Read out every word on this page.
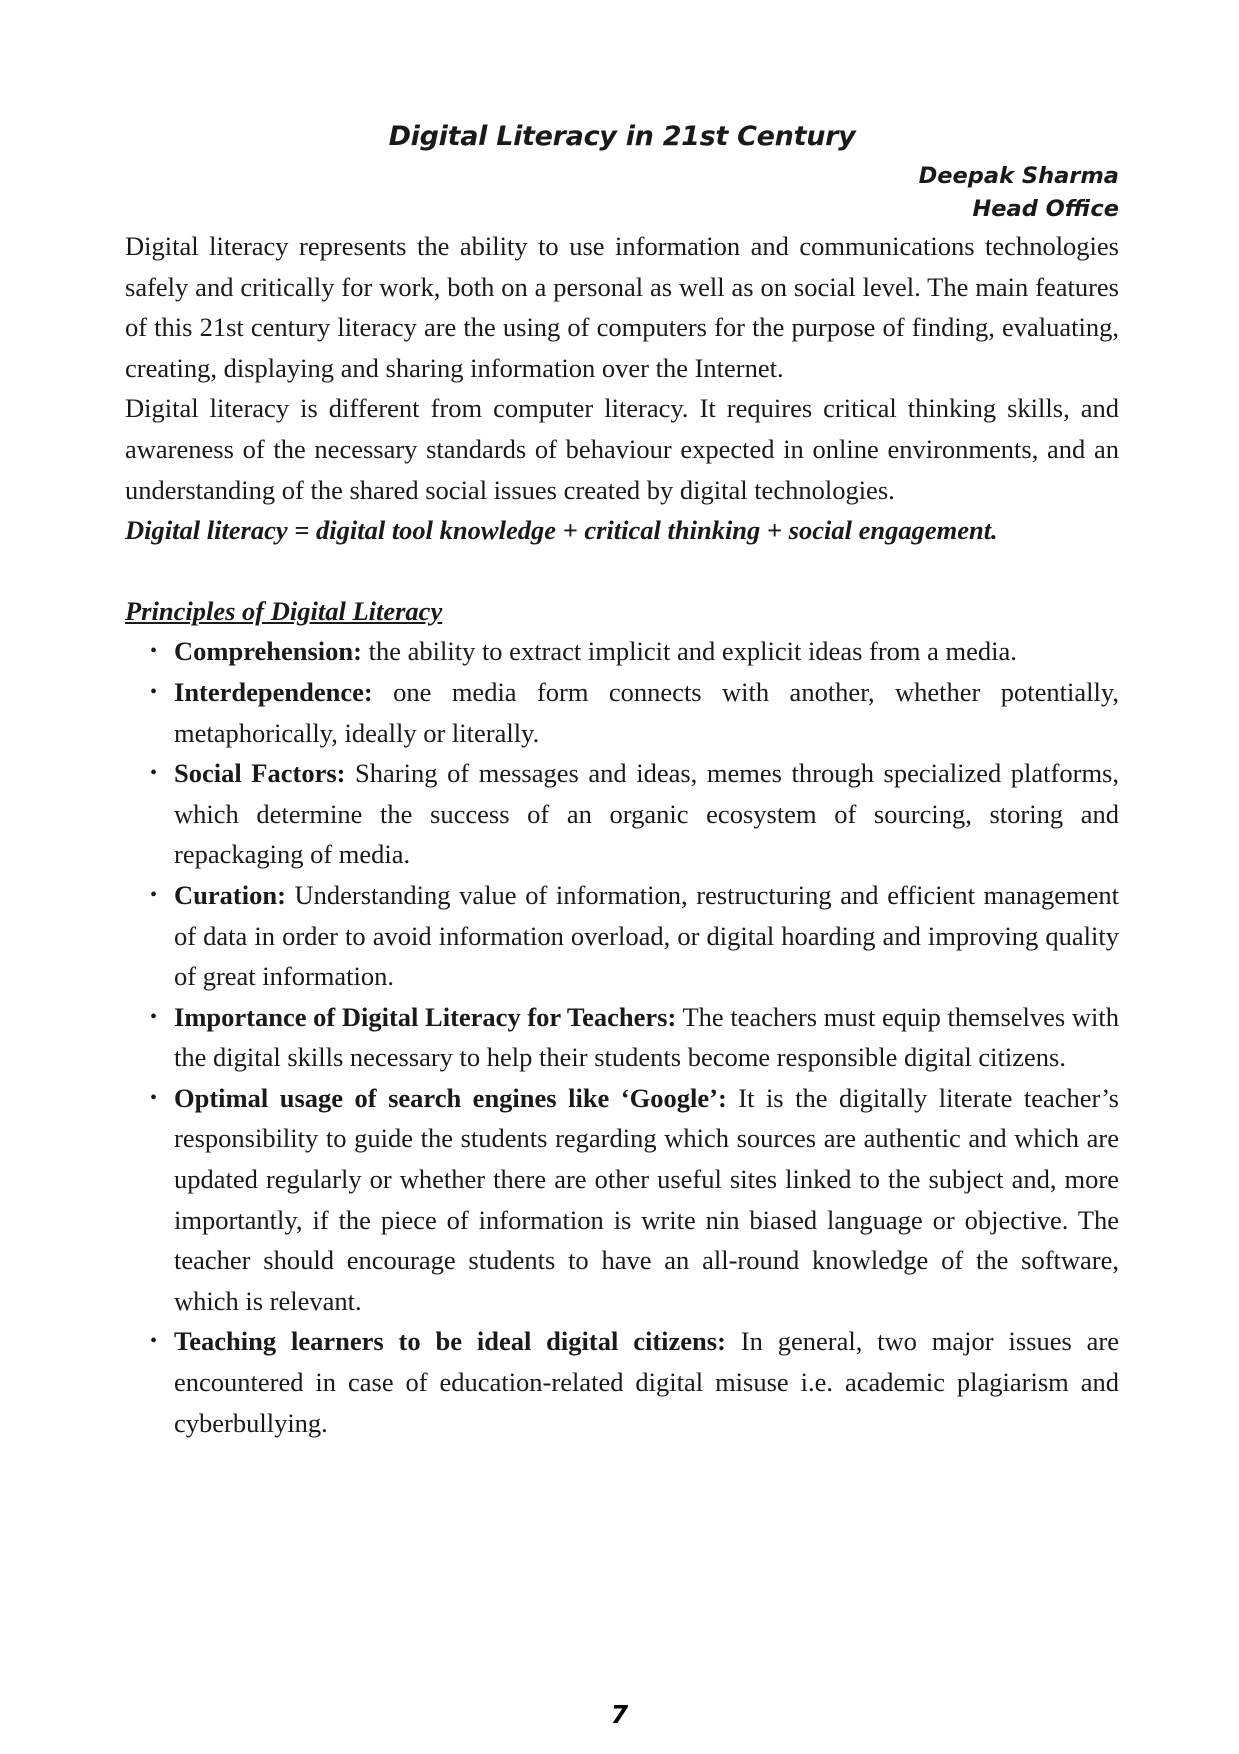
Digital Literacy in 21st Century
Deepak Sharma
Head Office

Digital literacy represents the ability to use information and communications technologies safely and critically for work, both on a personal as well as on social level. The main features of this 21st century literacy are the using of computers for the purpose of finding, evaluating, creating, displaying and sharing information over the Internet.

Digital literacy is different from computer literacy. It requires critical thinking skills, and awareness of the necessary standards of behaviour expected in online environments, and an understanding of the shared social issues created by digital technologies.

Digital literacy = digital tool knowledge + critical thinking + social engagement.

Principles of Digital Literacy
• Comprehension: the ability to extract implicit and explicit ideas from a media.
• Interdependence: one media form connects with another, whether potentially, metaphorically, ideally or literally.
• Social Factors: Sharing of messages and ideas, memes through specialized platforms, which determine the success of an organic ecosystem of sourcing, storing and repackaging of media.
• Curation: Understanding value of information, restructuring and efficient management of data in order to avoid information overload, or digital hoarding and improving quality of great information.
• Importance of Digital Literacy for Teachers: The teachers must equip themselves with the digital skills necessary to help their students become responsible digital citizens.
• Optimal usage of search engines like ‘Google’: It is the digitally literate teacher’s responsibility to guide the students regarding which sources are authentic and which are updated regularly or whether there are other useful sites linked to the subject and, more importantly, if the piece of information is write nin biased language or objective. The teacher should encourage students to have an all-round knowledge of the software, which is relevant.
• Teaching learners to be ideal digital citizens: In general, two major issues are encountered in case of education-related digital misuse i.e. academic plagiarism and cyberbullying.
7
